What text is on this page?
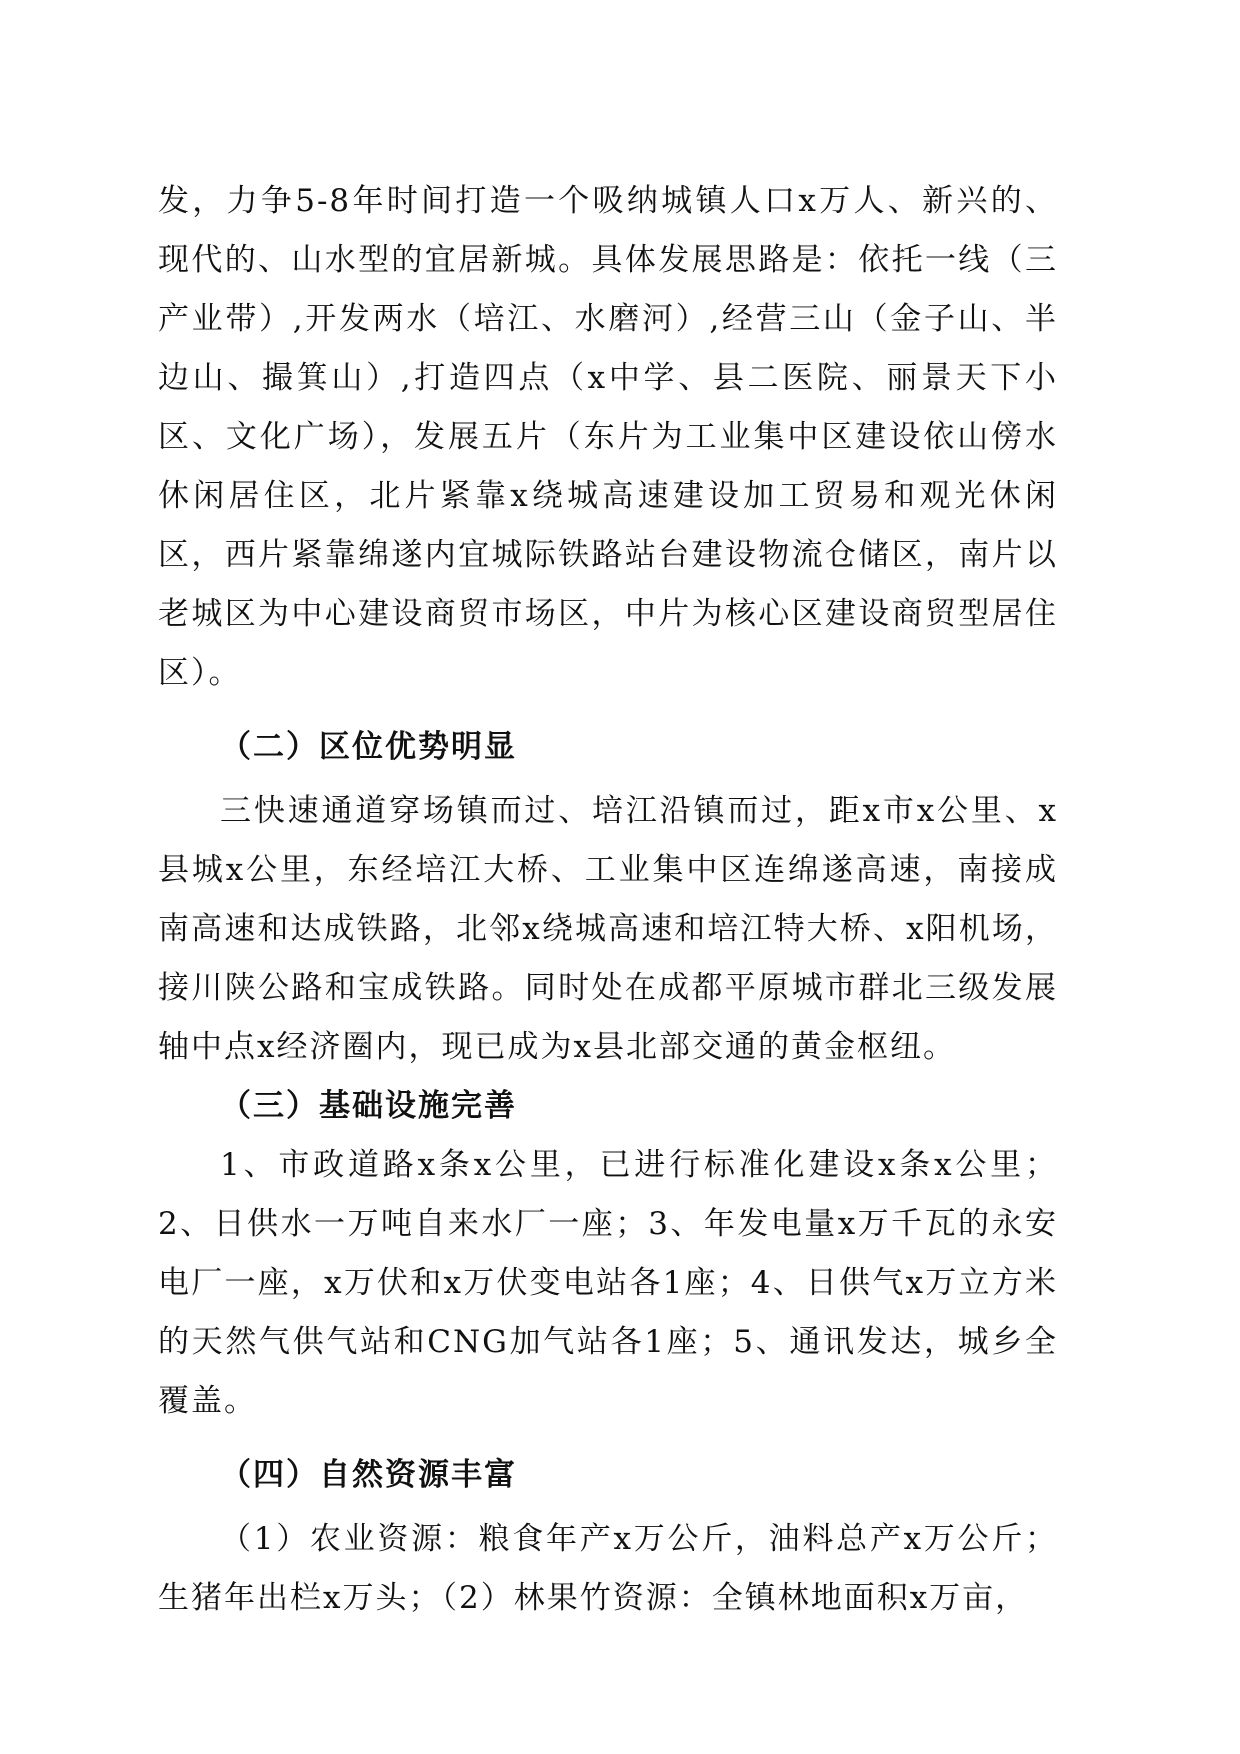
发，力争5-8年时间打造一个吸纳城镇人口x万人、新兴的、现代的、山水型的宜居新城。具体发展思路是：依托一线（三产业带）,开发两水（培江、水磨河）,经营三山（金子山、半边山、撮箕山）,打造四点（x中学、县二医院、丽景天下小区、文化广场），发展五片（东片为工业集中区建设依山傍水休闲居住区，北片紧靠x绕城高速建设加工贸易和观光休闲区，西片紧靠绵遂内宜城际铁路站台建设物流仓储区，南片以老城区为中心建设商贸市场区，中片为核心区建设商贸型居住区）。

（二）区位优势明显

三快速通道穿场镇而过、培江沿镇而过，距x市x公里、x县城x公里，东经培江大桥、工业集中区连绵遂高速，南接成南高速和达成铁路，北邻x绕城高速和培江特大桥、x阳机场，接川陕公路和宝成铁路。同时处在成都平原城市群北三级发展轴中点x经济圈内，现已成为x县北部交通的黄金枢纽。

（三）基础设施完善

1、市政道路x条x公里，已进行标准化建设x条x公里；2、日供水一万吨自来水厂一座；3、年发电量x万千瓦的永安电厂一座，x万伏和x万伏变电站各1座；4、日供气x万立方米的天然气供气站和CNG加气站各1座；5、通讯发达，城乡全覆盖。

（四）自然资源丰富

（1）农业资源：粮食年产x万公斤，油料总产x万公斤；生猪年出栏x万头；（2）林果竹资源：全镇林地面积x万亩，
